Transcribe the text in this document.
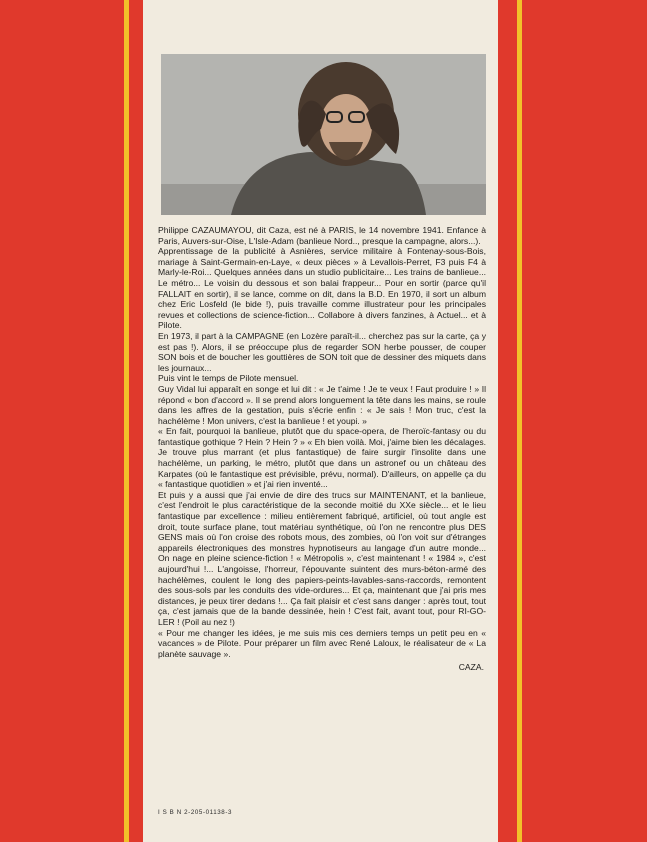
Philippe CAZAUMAYOU, dit Caza, est né à PARIS, le 14 novembre 1941. Enfance à Paris, Auvers-sur-Oise, L'Isle-Adam (banlieue Nord.., presque la campagne, alors...).

Apprentissage de la publicité à Asnières, service militaire à Fontenay-sous-Bois, mariage à Saint-Germain-en-Laye, « deux pièces » à Levallois-Perret, F3 puis F4 à Marly-le-Roi... Quelques années dans un studio publicitaire... Les trains de banlieue... Le métro... Le voisin du dessous et son balai frappeur... Pour en sortir (parce qu'il FALLAIT en sortir), il se lance, comme on dit, dans la B.D. En 1970, il sort un album chez Eric Losfeld (le bide !), puis travaille comme illustrateur pour les principales revues et collections de science-fiction... Collabore à divers fanzines, à Actuel... et à Pilote.

En 1973, il part à la CAMPAGNE (en Lozère paraît-il... cherchez pas sur la carte, ça y est pas !). Alors, il se préoccupe plus de regarder SON herbe pousser, de couper SON bois et de boucher les gouttières de SON toit que de dessiner des miquets dans les journaux...

Puis vint le temps de Pilote mensuel.

Guy Vidal lui apparaît en songe et lui dit : « Je t'aime ! Je te veux ! Faut produire ! » Il répond « bon d'accord ». Il se prend alors longuement la tête dans les mains, se roule dans les affres de la gestation, puis s'écrie enfin : « Je sais ! Mon truc, c'est la hachélème ! Mon univers, c'est la banlieue ! et youpi. »

« En fait, pourquoi la banlieue, plutôt que du space-opera, de l'heroïc-fantasy ou du fantastique gothique ? Hein ? Hein ? » « Eh bien voilà. Moi, j'aime bien les décalages. Je trouve plus marrant (et plus fantastique) de faire surgir l'insolite dans une hachélème, un parking, le métro, plutôt que dans un astronef ou un château des Karpates (où le fantastique est prévisible, prévu, normal). D'ailleurs, on appelle ça du « fantastique quotidien » et j'ai rien inventé...

Et puis y a aussi que j'ai envie de dire des trucs sur MAINTENANT, et la banlieue, c'est l'endroit le plus caractéristique de la seconde moitié du XXe siècle... et le lieu fantastique par excellence : milieu entièrement fabriqué, artificiel, où tout angle est droit, toute surface plane, tout matériau synthétique, où l'on ne rencontre plus DES GENS mais où l'on croise des robots mous, des zombies, où l'on voit sur d'étranges appareils électroniques des monstres hypnotiseurs au langage d'un autre monde... On nage en pleine science-fiction ! « Métropolis », c'est maintenant ! « 1984 », c'est aujourd'hui !... L'angoisse, l'horreur, l'épouvante suintent des murs-béton-armé des hachélèmes, coulent le long des papiers-peints-lavables-sans-raccords, remontent des sous-sols par les conduits des vide-ordures... Et ça, maintenant que j'ai pris mes distances, je peux tirer dedans !... Ça fait plaisir et c'est sans danger : après tout, tout ça, c'est jamais que de la bande dessinée, hein ! C'est fait, avant tout, pour RI-GO-LER ! (Poil au nez !)

« Pour me changer les idées, je me suis mis ces derniers temps un petit peu en « vacances » de Pilote. Pour préparer un film avec René Laloux, le réalisateur de « La planète sauvage ».

CAZA.

I S B N 2-205-01138-3
